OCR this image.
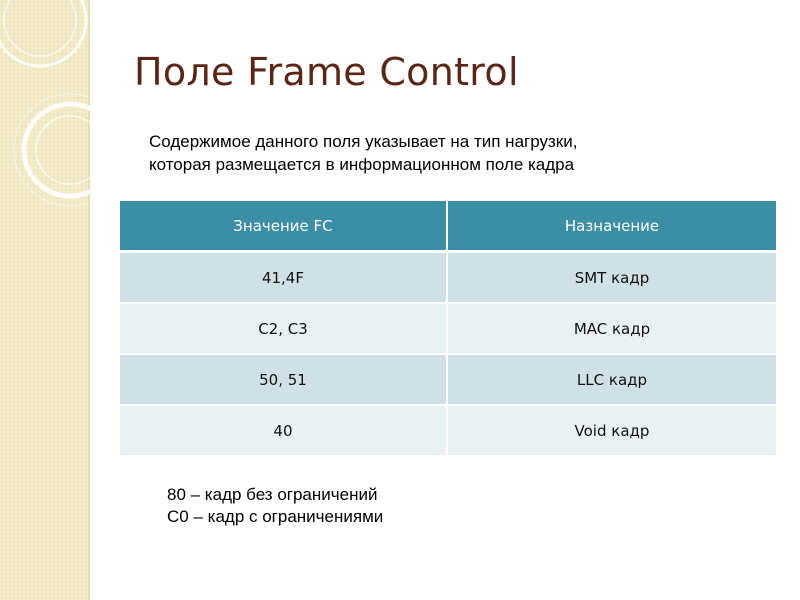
Поле Frame Control
Содержимое данного поля указывает на тип нагрузки,
которая размещается в информационном поле кадра
Значение FC	Назначение
41,4F	SMT кадр
C2, C3	MAC кадр
50, 51	LLC кадр
40	Void кадр
80 – кадр без ограничений
C0 – кадр с ограничениями
